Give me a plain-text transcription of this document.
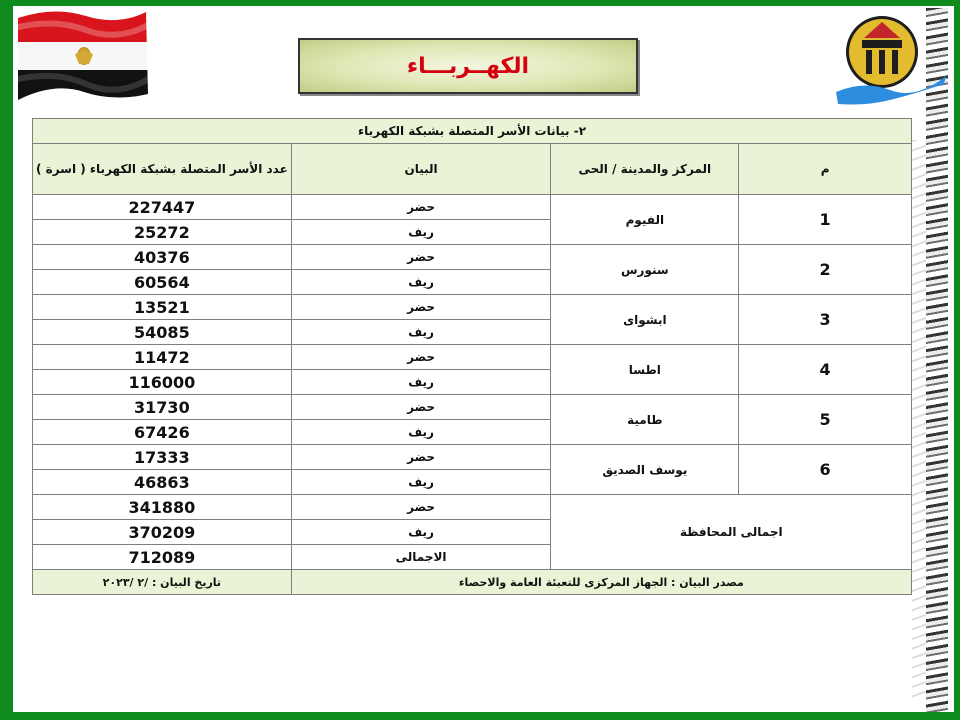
الكهــربـــاء
٢- بيانات الأسر المتصلة بشبكة الكهرباء			
م	المركز والمدينة / الحى	البيان	عدد الأسر المتصلة بشبكة الكهرباء ( اسرة )
1	الفيوم	حضر	227447
		ريف	25272
2	سنورس	حضر	40376
		ريف	60564
3	ابشواى	حضر	13521
		ريف	54085
4	اطسا	حضر	11472
		ريف	116000
5	طامية	حضر	31730
		ريف	67426
6	يوسف الصديق	حضر	17333
		ريف	46863
اجمالى المحافظة		حضر	341880
		ريف	370209
		الاجمالى	712089
مصدر البيان : الجهاز المركزى للتعبئة العامة والاحصاء			تاريخ البيان : /٢ /٢٠٢٣
